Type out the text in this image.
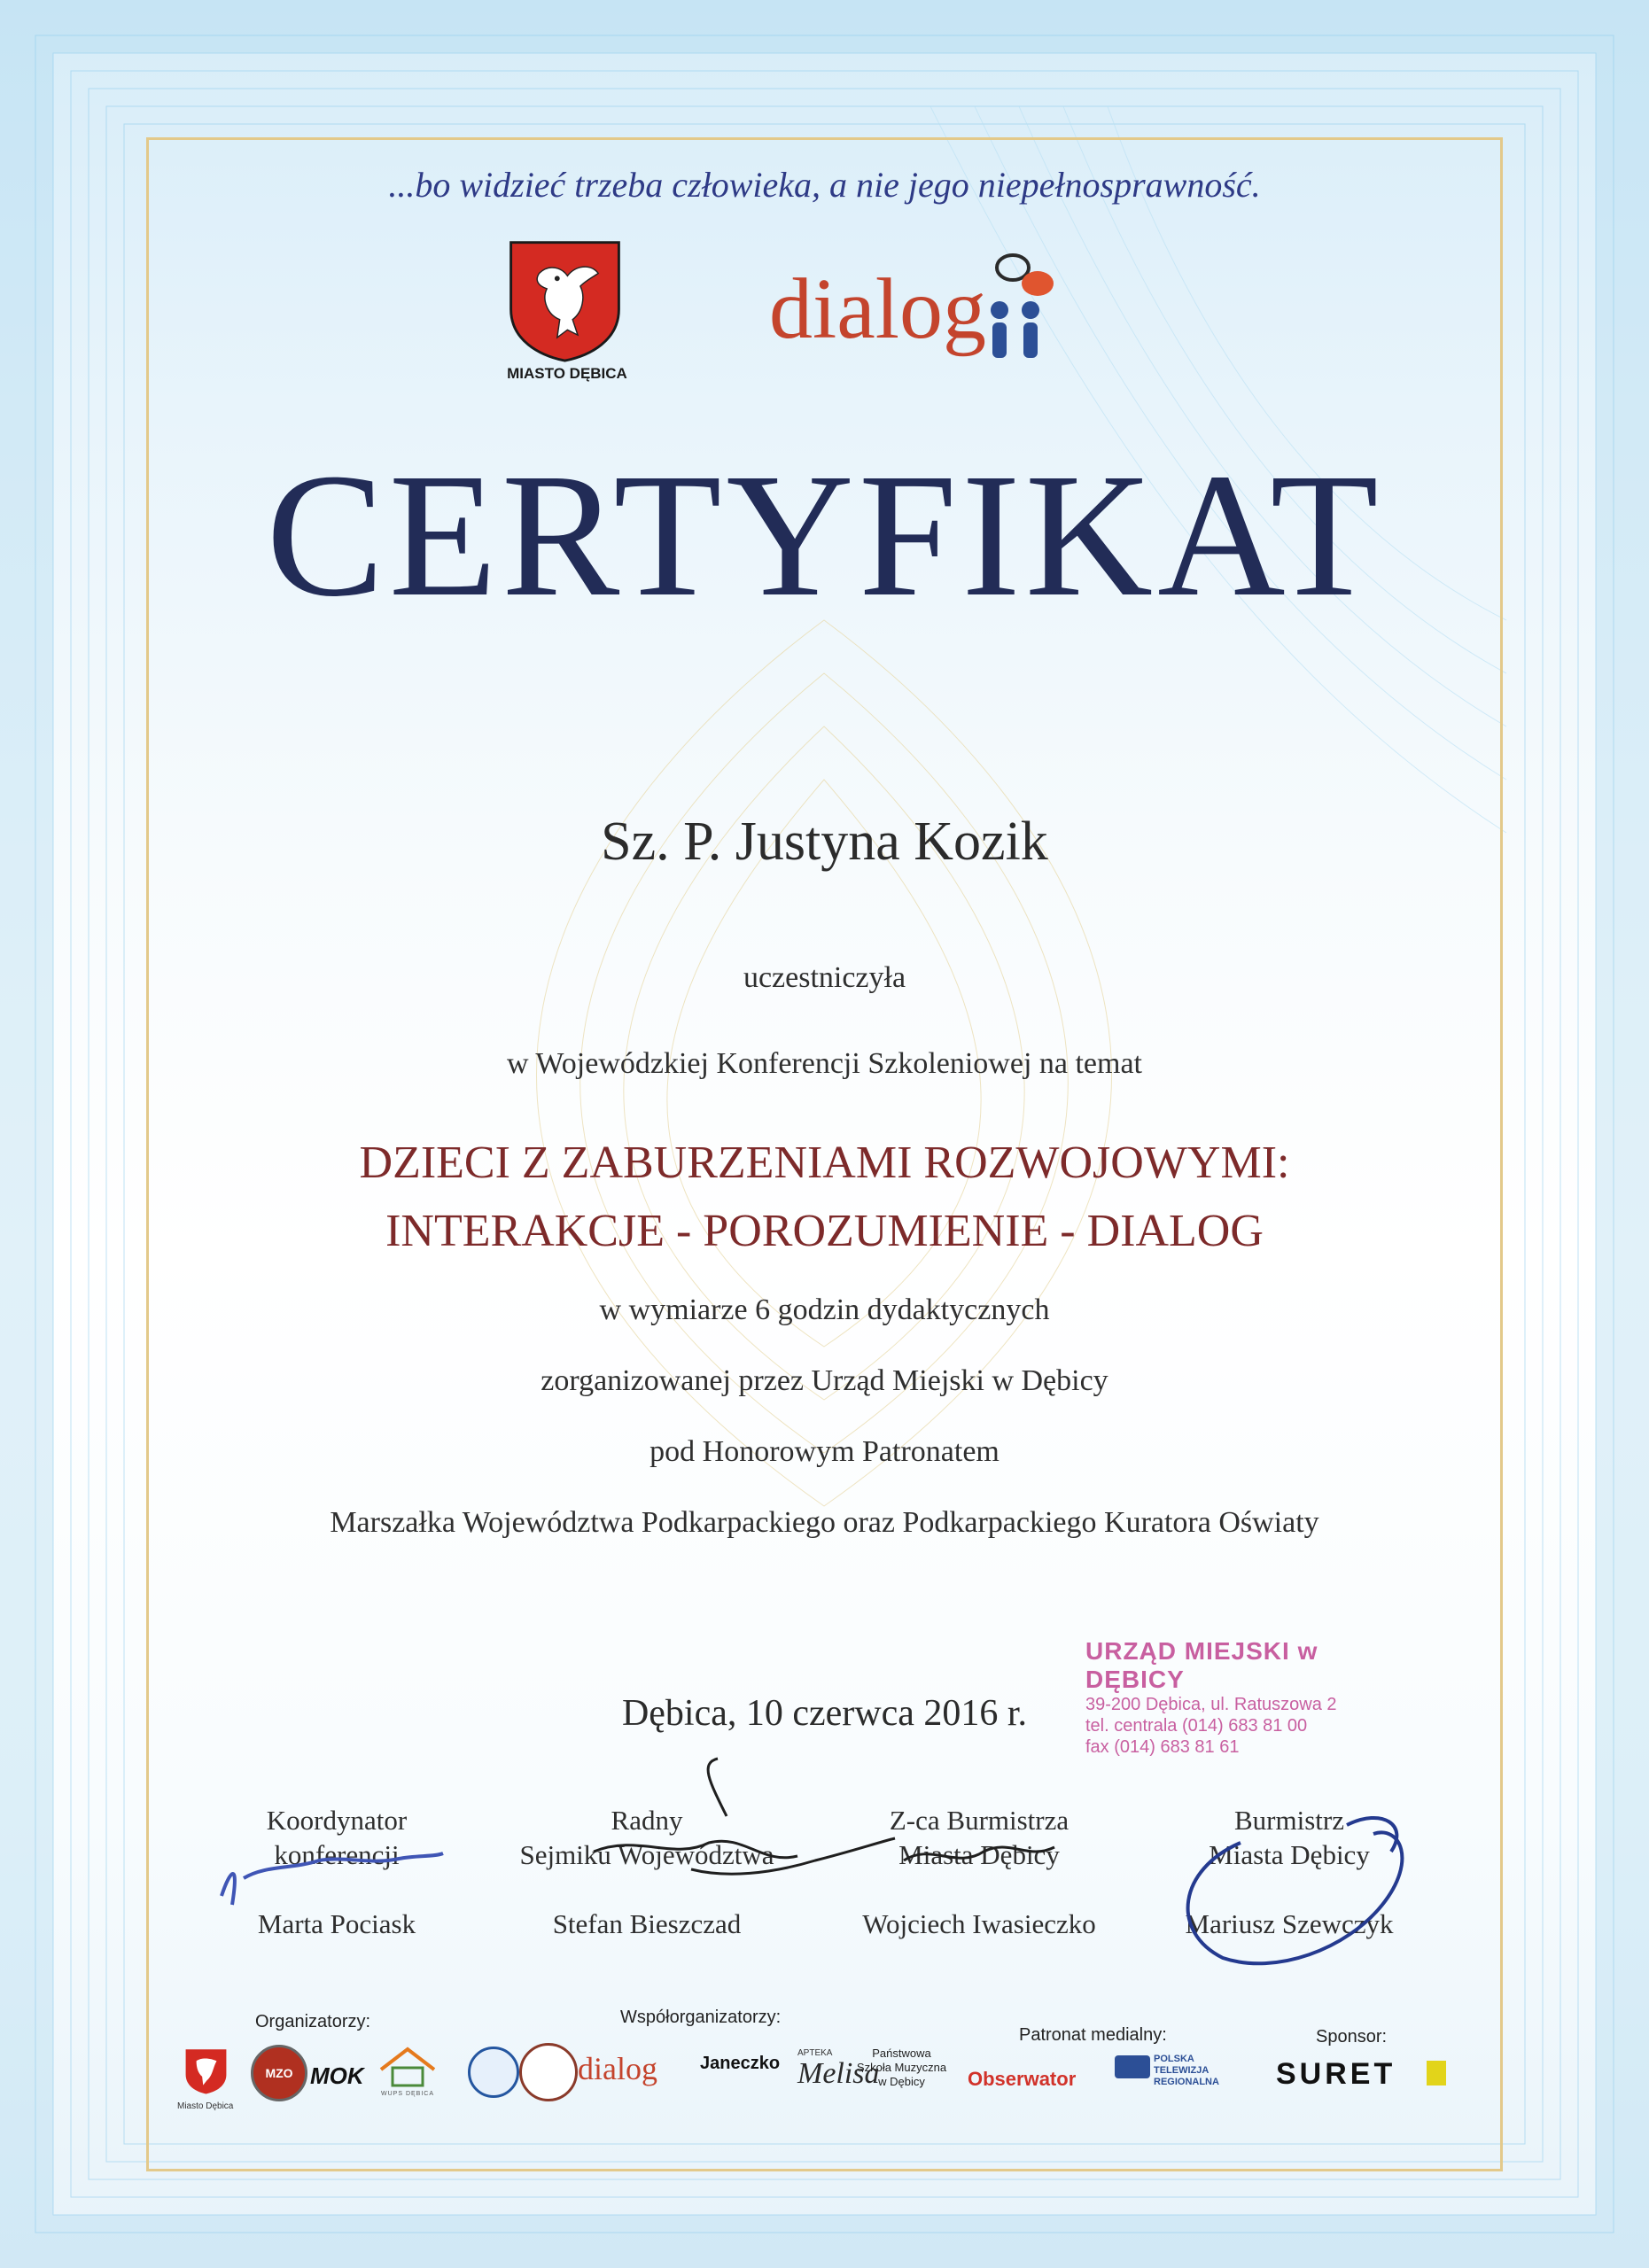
...bo widzieć trzeba człowieka, a nie jego niepełnosprawność.
MIASTO DĘBICA
dialog
CERTYFIKAT
Sz. P. Justyna Kozik
uczestniczyła
w Wojewódzkiej Konferencji Szkoleniowej na temat
DZIECI Z ZABURZENIAMI ROZWOJOWYMI:
INTERAKCJE - POROZUMIENIE - DIALOG
w wymiarze 6 godzin dydaktycznych
zorganizowanej przez Urząd Miejski w Dębicy
pod Honorowym Patronatem
Marszałka Województwa Podkarpackiego oraz Podkarpackiego Kuratora Oświaty
Dębica, 10 czerwca 2016 r.
URZĄD MIEJSKI w DĘBICY
39-200 Dębica, ul. Ratuszowa 2
tel. centrala (014) 683 81 00
fax (014) 683 81 61
Koordynator
konferencji
Marta Pociask
Radny
Sejmiku Województwa
Stefan Bieszczad
Z-ca Burmistrza
Miasta Dębicy
Wojciech Iwasieczko
Burmistrz
Miasta Dębicy
Mariusz Szewczyk
Organizatorzy:	Współorganizatorzy:
Patronat medialny:	Sponsor:
Miasto Dębica
MZO MOK
WUPS DĘBICA
dialog Janeczko
APTEKA
Melisa
Państwowa Szkoła Muzyczna w Dębicy	Obserwator
POLSKA TELEWIZJA REGIONALNA	SURET
